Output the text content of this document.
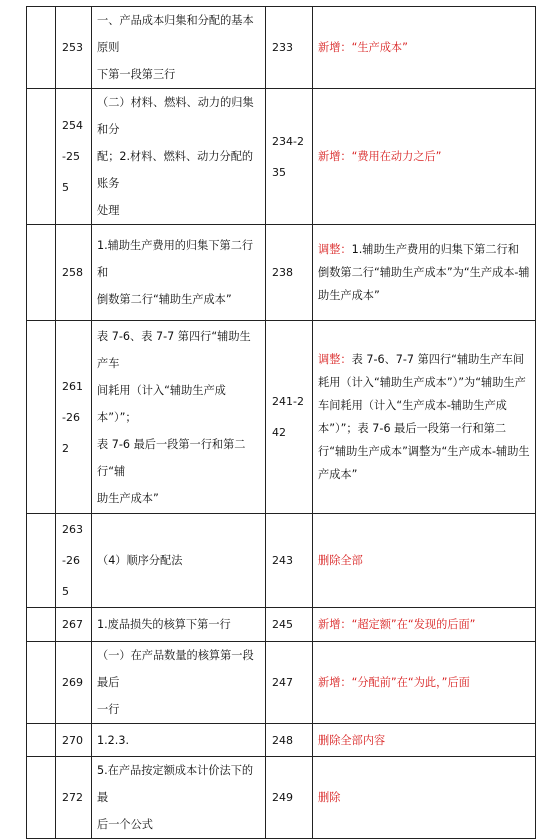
	253	一、产品成本归集和分配的基本原则
下第一段第三行	233	新增：“生产成本”
	254-255	（二）材料、燃料、动力的归集和分
配；2.材料、燃料、动力分配的账务
处理	234-235	新增：“费用在动力之后”
	258	1.辅助生产费用的归集下第二行和
倒数第二行“辅助生产成本”	238	调整：1.辅助生产费用的归集下第二行和倒数第二行“辅助生产成本”为“生产成本-辅助生产成本”
	261-262	表 7-6、表 7-7 第四行“辅助生产车
间耗用（计入“辅助生产成本”）”；
表 7-6 最后一段第一行和第二行“辅
助生产成本”	241-242	调整：表 7-6、7-7 第四行“辅助生产车间耗用（计入“辅助生产成本”）”为“辅助生产车间耗用（计入“生产成本-辅助生产成本”）”；表 7-6 最后一段第一行和第二行“辅助生产成本”调整为“生产成本-辅助生产成本”
	263-265	（4）顺序分配法	243	删除全部
	267	1.废品损失的核算下第一行	245	新增：“超定额”在“发现的后面”
	269	（一）在产品数量的核算第一段最后
一行	247	新增：“分配前”在“为此，”后面
	270	1.2.3.	248	删除全部内容
	272	5.在产品按定额成本计价法下的最
后一个公式	249	删除
